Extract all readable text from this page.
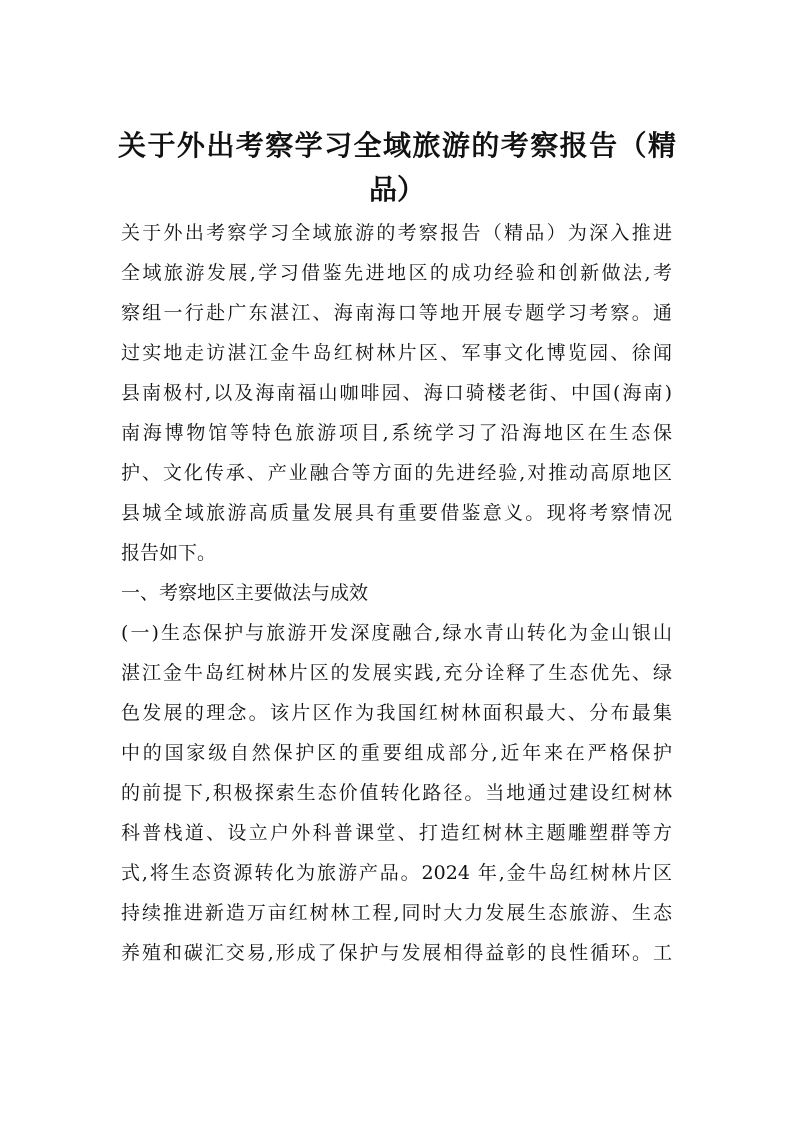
关于外出考察学习全域旅游的考察报告（精
品）
关于外出考察学习全域旅游的考察报告（精品）为深入推进
全域旅游发展,学习借鉴先进地区的成功经验和创新做法,考
察组一行赴广东湛江、海南海口等地开展专题学习考察。通
过实地走访湛江金牛岛红树林片区、军事文化博览园、徐闻
县南极村,以及海南福山咖啡园、海口骑楼老街、中国(海南)
南海博物馆等特色旅游项目,系统学习了沿海地区在生态保
护、文化传承、产业融合等方面的先进经验,对推动高原地区
县城全域旅游高质量发展具有重要借鉴意义。现将考察情况
报告如下。
一、考察地区主要做法与成效
(一)生态保护与旅游开发深度融合,绿水青山转化为金山银山
湛江金牛岛红树林片区的发展实践,充分诠释了生态优先、绿
色发展的理念。该片区作为我国红树林面积最大、分布最集
中的国家级自然保护区的重要组成部分,近年来在严格保护
的前提下,积极探索生态价值转化路径。当地通过建设红树林
科普栈道、设立户外科普课堂、打造红树林主题雕塑群等方
式,将生态资源转化为旅游产品。2024 年,金牛岛红树林片区
持续推进新造万亩红树林工程,同时大力发展生态旅游、生态
养殖和碳汇交易,形成了保护与发展相得益彰的良性循环。工
